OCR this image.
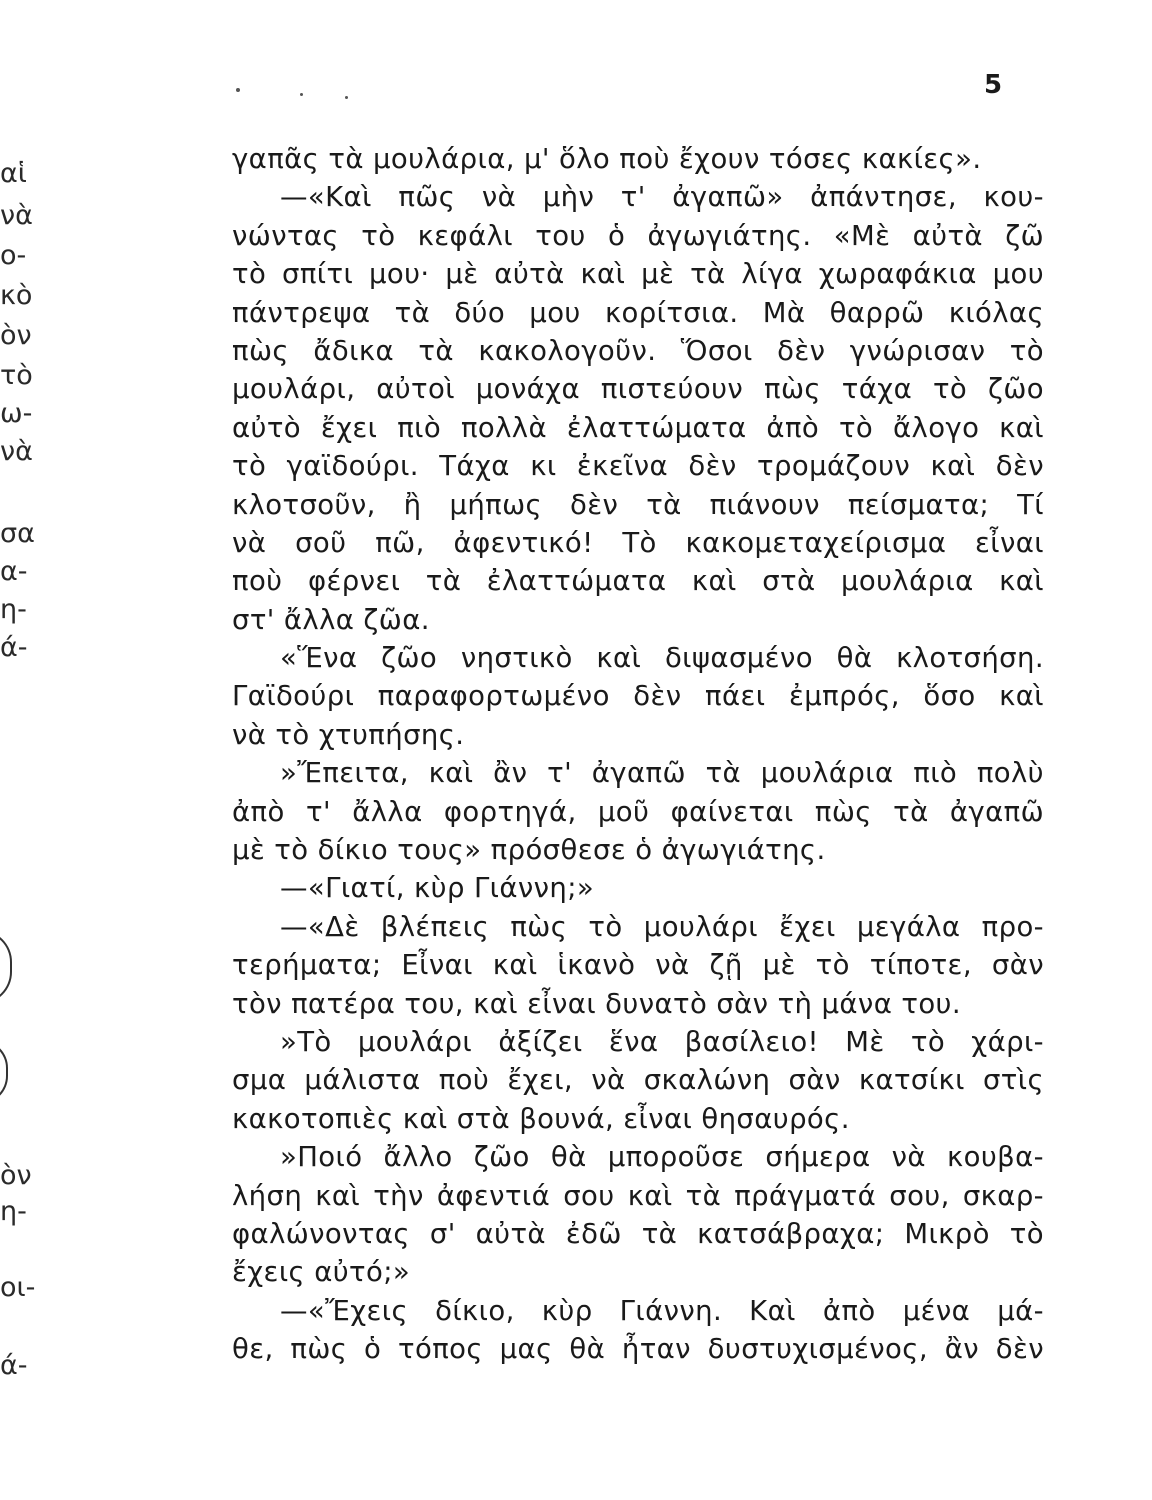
5
αἱ
νὰ
ο-
κὸ
ὸν
τὸ
ω-
νὰ
σα
α-
η-
ά-
ὸν
η-
οι-
ά-
γαπᾶς τὰ μουλάρια, μ' ὅλο ποὺ ἔχουν τόσες κακίες».
—«Καὶ πῶς νὰ μὴν τ' ἀγαπῶ» ἀπάντησε, κου-
νώντας τὸ κεφάλι του ὁ ἀγωγιάτης. «Μὲ αὐτὰ ζῶ
τὸ σπίτι μου· μὲ αὐτὰ καὶ μὲ τὰ λίγα χωραφάκια μου
πάντρεψα τὰ δύο μου κορίτσια. Μὰ θαρρῶ κιόλας
πὼς ἄδικα τὰ κακολογοῦν. Ὅσοι δὲν γνώρισαν τὸ
μουλάρι, αὐτοὶ μονάχα πιστεύουν πὼς τάχα τὸ ζῶο
αὐτὸ ἔχει πιὸ πολλὰ ἐλαττώματα ἀπὸ τὸ ἄλογο καὶ
τὸ γαϊδούρι. Τάχα κι ἐκεῖνα δὲν τρομάζουν καὶ δὲν
κλοτσοῦν, ἢ μήπως δὲν τὰ πιάνουν πείσματα; Τί
νὰ σοῦ πῶ, ἀφεντικό! Τὸ κακομεταχείρισμα εἶναι
ποὺ φέρνει τὰ ἐλαττώματα καὶ στὰ μουλάρια καὶ
στ' ἄλλα ζῶα.
«Ἕνα ζῶο νηστικὸ καὶ διψασμένο θὰ κλοτσήση.
Γαϊδούρι παραφορτωμένο δὲν πάει ἐμπρός, ὅσο καὶ
νὰ τὸ χτυπήσης.
»Ἔπειτα, καὶ ἂν τ' ἀγαπῶ τὰ μουλάρια πιὸ πολὺ
ἀπὸ τ' ἄλλα φορτηγά, μοῦ φαίνεται πὼς τὰ ἀγαπῶ
μὲ τὸ δίκιο τους» πρόσθεσε ὁ ἀγωγιάτης.
—«Γιατί, κὺρ Γιάννη;»
—«Δὲ βλέπεις πὼς τὸ μουλάρι ἔχει μεγάλα προ-
τερήματα; Εἶναι καὶ ἱκανὸ νὰ ζῇ μὲ τὸ τίποτε, σὰν
τὸν πατέρα του, καὶ εἶναι δυνατὸ σὰν τὴ μάνα του.
»Τὸ μουλάρι ἀξίζει ἕνα βασίλειο! Μὲ τὸ χάρι-
σμα μάλιστα ποὺ ἔχει, νὰ σκαλώνη σὰν κατσίκι στὶς
κακοτοπιὲς καὶ στὰ βουνά, εἶναι θησαυρός.
»Ποιό ἄλλο ζῶο θὰ μποροῦσε σήμερα νὰ κουβα-
λήση καὶ τὴν ἀφεντιά σου καὶ τὰ πράγματά σου, σκαρ-
φαλώνοντας σ' αὐτὰ ἐδῶ τὰ κατσάβραχα; Μικρὸ τὸ
ἔχεις αὐτό;»
—«Ἔχεις δίκιο, κὺρ Γιάννη. Καὶ ἀπὸ μένα μά-
θε, πὼς ὁ τόπος μας θὰ ἦταν δυστυχισμένος, ἂν δὲν
